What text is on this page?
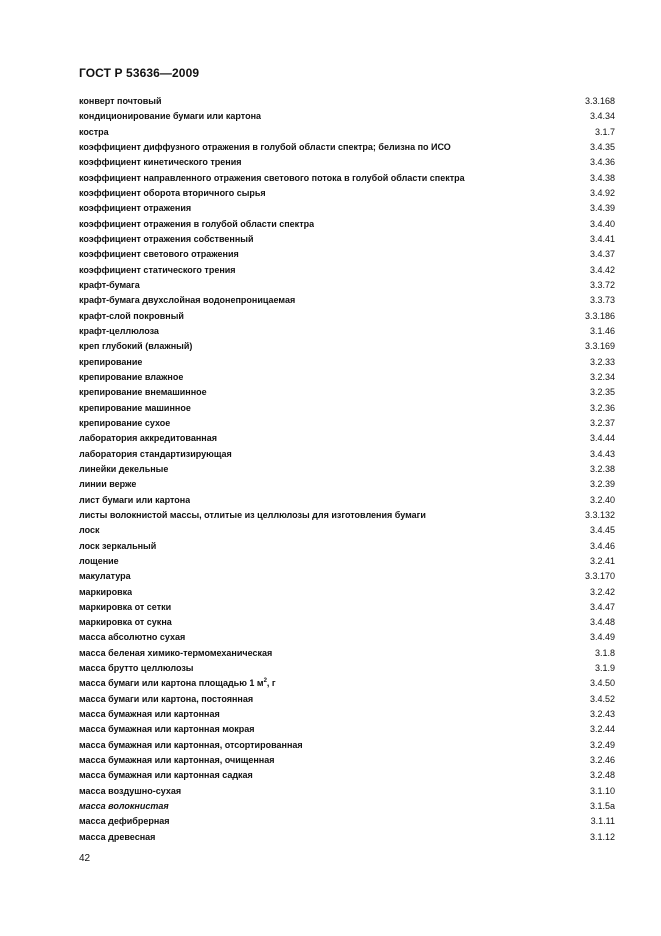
ГОСТ Р 53636—2009
конверт почтовый	3.3.168
кондиционирование бумаги или картона	3.4.34
костра	3.1.7
коэффициент диффузного отражения в голубой области спектра; белизна по ИСО	3.4.35
коэффициент кинетического трения	3.4.36
коэффициент направленного отражения светового потока в голубой области спектра	3.4.38
коэффициент оборота вторичного сырья	3.4.92
коэффициент отражения	3.4.39
коэффициент отражения в голубой области спектра	3.4.40
коэффициент отражения собственный	3.4.41
коэффициент светового отражения	3.4.37
коэффициент статического трения	3.4.42
крафт-бумага	3.3.72
крафт-бумага двухслойная водонепроницаемая	3.3.73
крафт-слой покровный	3.3.186
крафт-целлюлоза	3.1.46
креп глубокий (влажный)	3.3.169
крепирование	3.2.33
крепирование влажное	3.2.34
крепирование внемашинное	3.2.35
крепирование машинное	3.2.36
крепирование сухое	3.2.37
лаборатория аккредитованная	3.4.44
лаборатория стандартизирующая	3.4.43
линейки декельные	3.2.38
линии верже	3.2.39
лист бумаги или картона	3.2.40
листы волокнистой массы, отлитые из целлюлозы для изготовления бумаги	3.3.132
лоск	3.4.45
лоск зеркальный	3.4.46
лощение	3.2.41
макулатура	3.3.170
маркировка	3.2.42
маркировка от сетки	3.4.47
маркировка от сукна	3.4.48
масса абсолютно сухая	3.4.49
масса беленая химико-термомеханическая	3.1.8
масса брутто целлюлозы	3.1.9
масса бумаги или картона площадью 1 $м^2$, г	3.4.50
масса бумаги или картона, постоянная	3.4.52
масса бумажная или картонная	3.2.43
масса бумажная или картонная мокрая	3.2.44
масса бумажная или картонная, отсортированная	3.2.49
масса бумажная или картонная, очищенная	3.2.46
масса бумажная или картонная садкая	3.2.48
масса воздушно-сухая	3.1.10
масса волокнистая	3.1.5а
масса дефибрерная	3.1.11
масса древесная	3.1.12
42
